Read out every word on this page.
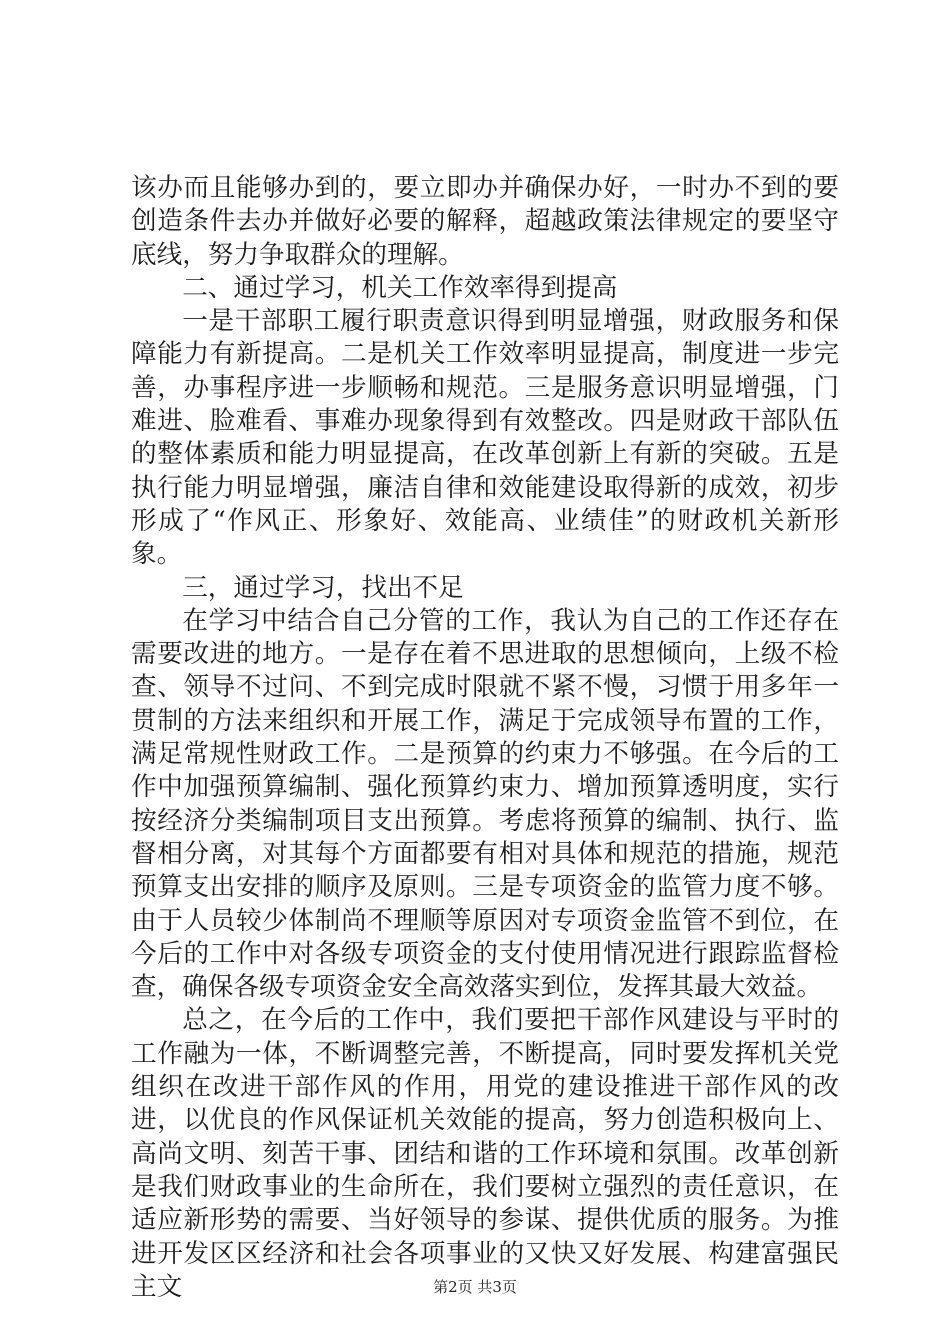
该办而且能够办到的，要立即办并确保办好，一时办不到的要创造条件去办并做好必要的解释，超越政策法律规定的要坚守底线，努力争取群众的理解。

二、通过学习，机关工作效率得到提高

一是干部职工履行职责意识得到明显增强，财政服务和保障能力有新提高。二是机关工作效率明显提高，制度进一步完善，办事程序进一步顺畅和规范。三是服务意识明显增强，门难进、脸难看、事难办现象得到有效整改。四是财政干部队伍的整体素质和能力明显提高，在改革创新上有新的突破。五是执行能力明显增强，廉洁自律和效能建设取得新的成效，初步形成了“作风正、形象好、效能高、业绩佳”的财政机关新形象。

三，通过学习，找出不足

在学习中结合自己分管的工作，我认为自己的工作还存在需要改进的地方。一是存在着不思进取的思想倾向，上级不检查、领导不过问、不到完成时限就不紧不慢，习惯于用多年一贯制的方法来组织和开展工作，满足于完成领导布置的工作，满足常规性财政工作。二是预算的约束力不够强。在今后的工作中加强预算编制、强化预算约束力、增加预算透明度，实行按经济分类编制项目支出预算。考虑将预算的编制、执行、监督相分离，对其每个方面都要有相对具体和规范的措施，规范预算支出安排的顺序及原则。三是专项资金的监管力度不够。由于人员较少体制尚不理顺等原因对专项资金监管不到位，在今后的工作中对各级专项资金的支付使用情况进行跟踪监督检查，确保各级专项资金安全高效落实到位，发挥其最大效益。

总之，在今后的工作中，我们要把干部作风建设与平时的工作融为一体，不断调整完善，不断提高，同时要发挥机关党组织在改进干部作风的作用，用党的建设推进干部作风的改进，以优良的作风保证机关效能的提高，努力创造积极向上、高尚文明、刻苦干事、团结和谐的工作环境和氛围。改革创新是我们财政事业的生命所在，我们要树立强烈的责任意识，在适应新形势的需要、当好领导的参谋、提供优质的服务。为推进开发区区经济和社会各项事业的又快又好发展、构建富强民主文	第2页 共3页
